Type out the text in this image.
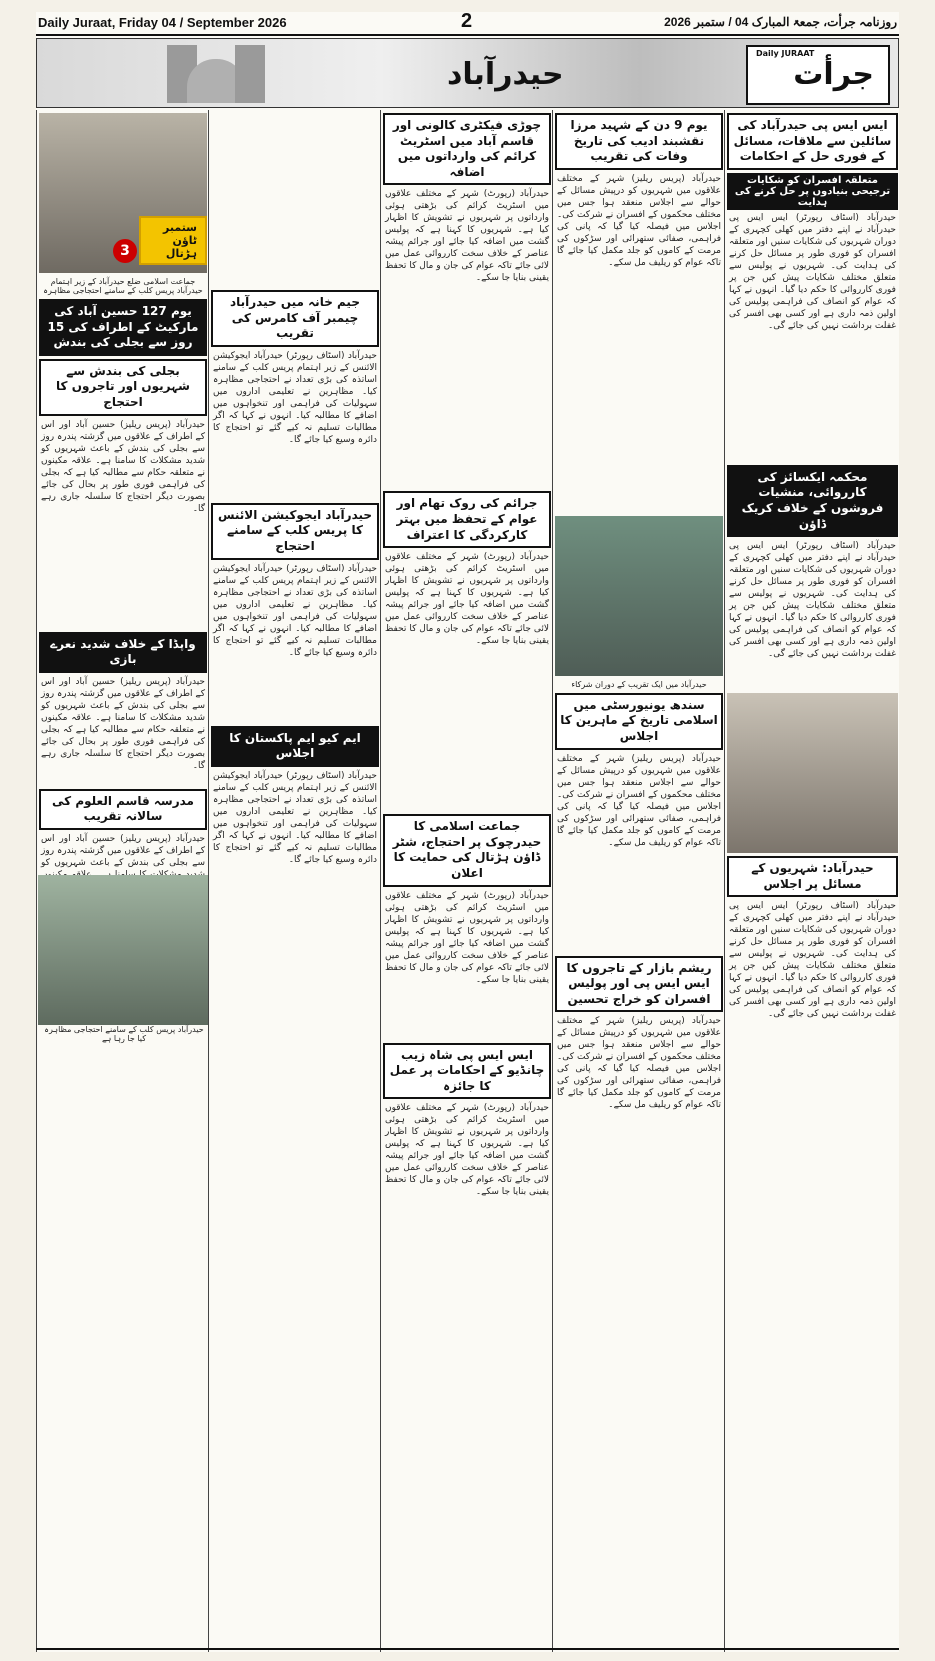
Daily Juraat, Friday 04 / September 2026	2	روزنامہ جرأت، جمعۃ المبارک 04 / ستمبر 2026
حیدرآباد
Daily JURAAT
جرأت
3
ستمبر ٹاؤن ہڑتال
جماعت اسلامی ضلع حیدرآباد کے زیر اہتمام حیدرآباد پریس کلب کے سامنے احتجاجی مظاہرہ
یوم 127 حسین آباد کی مارکیٹ کے اطراف کی 15 روز سے بجلی کی بندش
بجلی کی بندش سے شہریوں اور تاجروں کا احتجاج
حیدرآباد (پریس ریلیز) حسین آباد اور اس کے اطراف کے علاقوں میں گزشتہ پندرہ روز سے بجلی کی بندش کے باعث شہریوں کو شدید مشکلات کا سامنا ہے۔ علاقہ مکینوں نے متعلقہ حکام سے مطالبہ کیا ہے کہ بجلی کی فراہمی فوری طور پر بحال کی جائے بصورت دیگر احتجاج کا سلسلہ جاری رہے گا۔
واپڈا کے خلاف شدید نعرے بازی
حیدرآباد (پریس ریلیز) حسین آباد اور اس کے اطراف کے علاقوں میں گزشتہ پندرہ روز سے بجلی کی بندش کے باعث شہریوں کو شدید مشکلات کا سامنا ہے۔ علاقہ مکینوں نے متعلقہ حکام سے مطالبہ کیا ہے کہ بجلی کی فراہمی فوری طور پر بحال کی جائے بصورت دیگر احتجاج کا سلسلہ جاری رہے گا۔
مدرسہ قاسم العلوم کی سالانہ تقریب
حیدرآباد (پریس ریلیز) حسین آباد اور اس کے اطراف کے علاقوں میں گزشتہ پندرہ روز سے بجلی کی بندش کے باعث شہریوں کو
جیم خانہ میں حیدرآباد چیمبر آف کامرس کی تقریب
حیدرآباد (اسٹاف رپورٹر) حیدرآباد ایجوکیشن الائنس کے زیر اہتمام پریس کلب کے سامنے اساتذہ کی بڑی تعداد نے احتجاجی مظاہرہ کیا۔ مظاہرین نے تعلیمی اداروں میں سہولیات کی فراہمی اور تنخواہوں میں اضافے کا مطالبہ کیا۔ انہوں نے کہا کہ اگر مطالبات تسلیم نہ کیے گئے تو احتجاج کا دائرہ وسیع کیا جائے گا۔
حیدرآباد ایجوکیشن الائنس کا پریس کلب کے سامنے احتجاج
حیدرآباد (اسٹاف رپورٹر) حیدرآباد ایجوکیشن الائنس کے زیر اہتمام پریس کلب کے سامنے اساتذہ کی بڑی تعداد نے احتجاجی مظاہرہ کیا۔ مظاہرین نے تعلیمی اداروں میں سہولیات کی فراہمی اور تنخواہوں میں اضافے کا مطالبہ کیا۔ انہوں نے کہا کہ اگر مطالبات تسلیم نہ کیے گئے تو احتجاج کا دائرہ وسیع کیا جائے گا۔
ایم کیو ایم پاکستان کا اجلاس
حیدرآباد (اسٹاف رپورٹر) حیدرآباد ایجوکیشن الائنس کے زیر اہتمام پریس کلب کے سامنے اساتذہ کی بڑی تعداد نے احتجاجی مظاہرہ کیا۔ مظاہرین نے تعلیمی اداروں میں سہولیات کی فراہمی اور تنخواہوں میں اضافے کا مطالبہ کیا۔ انہوں نے کہا کہ اگر مطالبات تسلیم نہ کیے گئے تو احتجاج کا دائرہ وسیع کیا جائے گا۔
چوڑی فیکٹری کالونی اور قاسم آباد میں اسٹریٹ کرائم کی وارداتوں میں اضافہ
حیدرآباد (رپورٹ) شہر کے مختلف علاقوں میں اسٹریٹ کرائم کی بڑھتی ہوئی وارداتوں پر شہریوں نے تشویش کا اظہار کیا ہے۔ شہریوں کا کہنا ہے کہ پولیس گشت میں اضافہ کیا جائے اور جرائم پیشہ عناصر کے خلاف سخت کارروائی عمل میں لائی جائے تاکہ عوام کی جان و مال کا تحفظ یقینی بنایا جا سکے۔
جرائم کی روک تھام اور عوام کے تحفظ میں بہتر کارکردگی کا اعتراف
حیدرآباد (رپورٹ) شہر کے مختلف علاقوں میں اسٹریٹ کرائم کی بڑھتی ہوئی وارداتوں پر شہریوں نے تشویش کا اظہار کیا ہے۔ شہریوں کا کہنا ہے کہ پولیس گشت میں اضافہ کیا جائے اور جرائم پیشہ عناصر کے خلاف سخت کارروائی عمل میں لائی جائے تاکہ عوام کی جان و مال کا تحفظ یقینی بنایا جا سکے۔
جماعت اسلامی کا حیدرچوک پر احتجاج، شٹر ڈاؤن ہڑتال کی حمایت کا اعلان
حیدرآباد (رپورٹ) شہر کے مختلف علاقوں میں اسٹریٹ کرائم کی بڑھتی ہوئی وارداتوں پر شہریوں نے تشویش کا اظہار کیا ہے۔ شہریوں کا کہنا ہے کہ پولیس گشت میں اضافہ کیا جائے اور جرائم پیشہ عناصر کے خلاف سخت کارروائی عمل میں لائی جائے تاکہ عوام کی جان و مال کا تحفظ یقینی بنایا جا سکے۔
ایس ایس پی شاہ زیب چانڈیو کے احکامات پر عمل کا جائزہ
حیدرآباد (رپورٹ) شہر کے مختلف علاقوں میں اسٹریٹ کرائم کی بڑھتی ہوئی وارداتوں پر شہریوں نے تشویش کا اظہار کیا ہے۔ شہریوں کا کہنا ہے کہ پولیس گشت میں اضافہ کیا جائے اور جرائم پیشہ عناصر کے خلاف سخت کارروائی عمل میں لائی جائے تاکہ عوام کی جان و مال کا تحفظ یقینی بنایا جا سکے۔
یوم 9 دن کے شہید مرزا نقشبند ادیب کی تاریخ وفات کی تقریب
حیدرآباد (پریس ریلیز) شہر کے مختلف علاقوں میں شہریوں کو درپیش مسائل کے حوالے سے اجلاس منعقد ہوا جس میں مختلف محکموں کے افسران نے شرکت کی۔ اجلاس میں فیصلہ کیا گیا کہ پانی کی فراہمی، صفائی ستھرائی اور سڑکوں کی مرمت کے کاموں کو جلد مکمل کیا جائے گا تاکہ عوام کو ریلیف مل سکے۔
حیدرآباد میں ایک تقریب کے دوران شرکاء
سندھ یونیورسٹی میں اسلامی تاریخ کے ماہرین کا اجلاس
حیدرآباد (پریس ریلیز) شہر کے مختلف علاقوں میں شہریوں کو درپیش مسائل کے حوالے سے اجلاس منعقد ہوا جس میں مختلف محکموں کے افسران نے شرکت کی۔ اجلاس میں فیصلہ کیا گیا کہ پانی کی فراہمی، صفائی ستھرائی اور سڑکوں کی مرمت کے کاموں کو جلد مکمل کیا جائے گا تاکہ عوام کو ریلیف مل سکے۔
ریشم بازار کے تاجروں کا ایس ایس پی اور پولیس افسران کو خراج تحسین
حیدرآباد (پریس ریلیز) شہر کے مختلف علاقوں میں شہریوں کو درپیش مسائل کے حوالے سے اجلاس منعقد ہوا جس میں مختلف محکموں کے افسران نے شرکت کی۔ اجلاس میں فیصلہ کیا گیا کہ پانی کی فراہمی، صفائی ستھرائی اور سڑکوں کی مرمت کے کاموں کو جلد مکمل کیا جائے گا تاکہ عوام کو ریلیف مل سکے۔
ایس ایس پی حیدرآباد کی سائلین سے ملاقات، مسائل کے فوری حل کے احکامات
متعلقہ افسران کو شکایات ترجیحی بنیادوں پر حل کرنے کی ہدایت
حیدرآباد (اسٹاف رپورٹر) ایس ایس پی حیدرآباد نے اپنے دفتر میں کھلی کچہری کے دوران شہریوں کی شکایات سنیں اور متعلقہ افسران کو فوری طور پر مسائل حل کرنے کی ہدایت کی۔ شہریوں نے پولیس سے متعلق مختلف شکایات پیش کیں جن پر فوری کارروائی کا حکم دیا گیا۔ انہوں نے کہا کہ عوام کو انصاف کی فراہمی پولیس کی اولین ذمہ داری ہے اور کسی بھی افسر کی غفلت برداشت نہیں کی جائے گی۔
محکمہ ایکسائز کی کارروائی، منشیات فروشوں کے خلاف کریک ڈاؤن
حیدرآباد (اسٹاف رپورٹر) ایس ایس پی حیدرآباد نے اپنے دفتر میں کھلی کچہری کے دوران شہریوں کی شکایات سنیں اور متعلقہ افسران کو فوری طور پر مسائل حل کرنے کی ہدایت کی۔ شہریوں نے پولیس سے متعلق مختلف شکایات پیش کیں جن پر فوری کارروائی کا حکم دیا گیا۔ انہوں نے کہا کہ عوام کو انصاف کی فراہمی پولیس کی اولین ذمہ داری ہے اور کسی بھی افسر کی غفلت برداشت نہیں کی جائے گی۔
حیدرآباد: شہریوں کے مسائل پر اجلاس
حیدرآباد (اسٹاف رپورٹر) ایس ایس پی حیدرآباد نے اپنے دفتر میں کھلی کچہری کے دوران شہریوں کی شکایات سنیں اور متعلقہ افسران کو فوری طور پر مسائل حل کرنے کی ہدایت کی۔ شہریوں نے پولیس سے متعلق مختلف شکایات پیش کیں جن پر فوری کارروائی کا حکم دیا گیا۔ انہوں نے کہا کہ عوام کو انصاف کی فراہمی پولیس کی اولین ذمہ داری ہے اور کسی بھی افسر کی غفلت برداشت نہیں کی جائے گی۔
حیدرآباد پریس کلب کے سامنے احتجاجی مظاہرہ کیا جا رہا ہے
